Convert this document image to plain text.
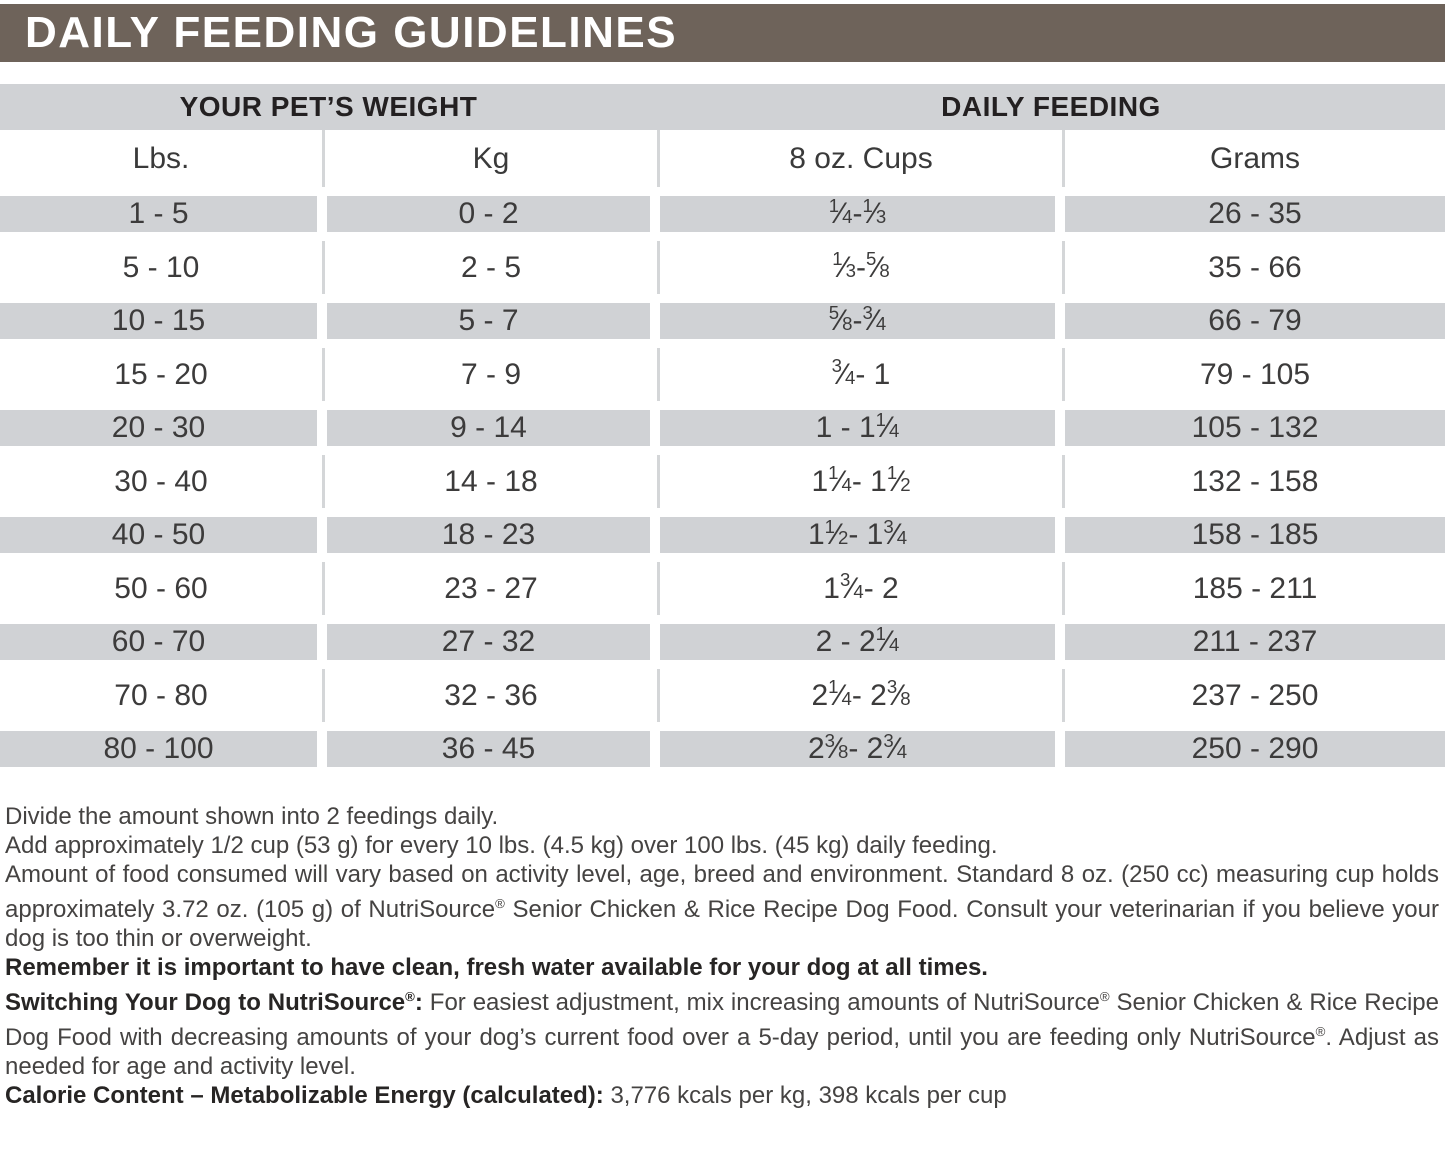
DAILY FEEDING GUIDELINES
YOUR PET’S WEIGHT	DAILY FEEDING
Lbs.	Kg	8 oz. Cups	Grams
1 - 5	0 - 2	$^1$ $⁄_4 - ^1$ $⁄_3$	26 - 35
5 - 10	2 - 5	$^1$ $⁄_3 - ^5$ $⁄_8$	35 - 66
10 - 15	5 - 7	$^5$ $⁄_8 - ^3$ $⁄_4$	66 - 79
15 - 20	7 - 9	$^3$ $⁄_4 - 1$	79 - 105
20 - 30	9 - 14	1 - 1 $^1$ $⁄_4$	105 - 132
30 - 40	14 - 18	1 $^1$ $⁄_4 - 1$ $^1$ $⁄_2$	132 - 158
40 - 50	18 - 23	1 $^1$ $⁄_2 - 1$ $^3$ $⁄_4$	158 - 185
50 - 60	23 - 27	1 $^3$ $⁄_4 - 2$	185 - 211
60 - 70	27 - 32	2 - 2 $^1$ $⁄_4$	211 - 237
70 - 80	32 - 36	2 $^1$ $⁄_4 - 2$ $^3$ $⁄_8$	237 - 250
80 - 100	36 - 45	2 $^3$ $⁄_8 - 2$ $^3$ $⁄_4$	250 - 290

Divide the amount shown into 2 feedings daily.

Add approximately 1/2 cup (53 g) for every 10 lbs. (4.5 kg) over 100 lbs. (45 kg) daily feeding.

Amount of food consumed will vary based on activity level, age, breed and environment. Standard 8 oz. (250 cc) measuring cup holds approximately 3.72 oz. (105 g) of NutriSource® Senior Chicken & Rice Recipe Dog Food. Consult your veterinarian if you believe your dog is too thin or overweight.

Remember it is important to have clean, fresh water available for your dog at all times.

Switching Your Dog to NutriSource®: For easiest adjustment, mix increasing amounts of NutriSource® Senior Chicken & Rice Recipe Dog Food with decreasing amounts of your dog’s current food over a 5-day period, until you are feeding only NutriSource®. Adjust as needed for age and activity level.

Calorie Content – Metabolizable Energy (calculated): 3,776 kcals per kg, 398 kcals per cup
